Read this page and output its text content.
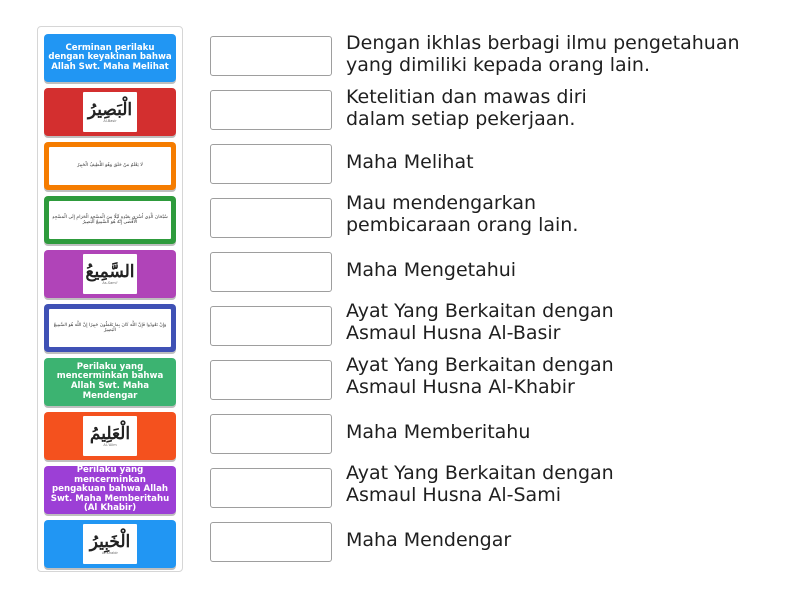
Cerminan perilaku dengan keyakinan bahwa Allah Swt. Maha Melihat
الْبَصِيرُ
Al-Basir
لَا يَعْلَمُ مَنْ خَلَقَ وَهُوَ اللَّطِيفُ الْخَبِيرُ
سُبْحَانَ الَّذِي أَسْرَى بِعَبْدِهِ لَيْلًا مِنَ الْمَسْجِدِ الْحَرَامِ إِلَى الْمَسْجِدِ الْأَقْصَى إِنَّهُ هُوَ السَّمِيعُ الْبَصِيرُ
السَّمِيعُ
As-Sami'
وَإِنْ تَعُودُوا فَإِنَّ اللَّهَ كَانَ بِمَا تَعْمَلُونَ خَبِيرًا إِنَّ اللَّهَ هُوَ السَّمِيعُ الْبَصِيرُ
Perilaku yang mencerminkan bahwa Allah Swt. Maha Mendengar
الْعَلِيمُ
Al-'Alim
Perilaku yang mencerminkan pengakuan bahwa Allah Swt. Maha Memberitahu (Al Khabir)
الْخَبِيرُ
Al-Khabir
Dengan ikhlas berbagi ilmu pengetahuan
yang dimiliki kepada orang lain.
Ketelitian dan mawas diri
dalam setiap pekerjaan.
Maha Melihat
Mau mendengarkan
pembicaraan orang lain.
Maha Mengetahui
Ayat Yang Berkaitan dengan
Asmaul Husna Al-Basir
Ayat Yang Berkaitan dengan
Asmaul Husna Al-Khabir
Maha Memberitahu
Ayat Yang Berkaitan dengan
Asmaul Husna Al-Sami
Maha Mendengar
